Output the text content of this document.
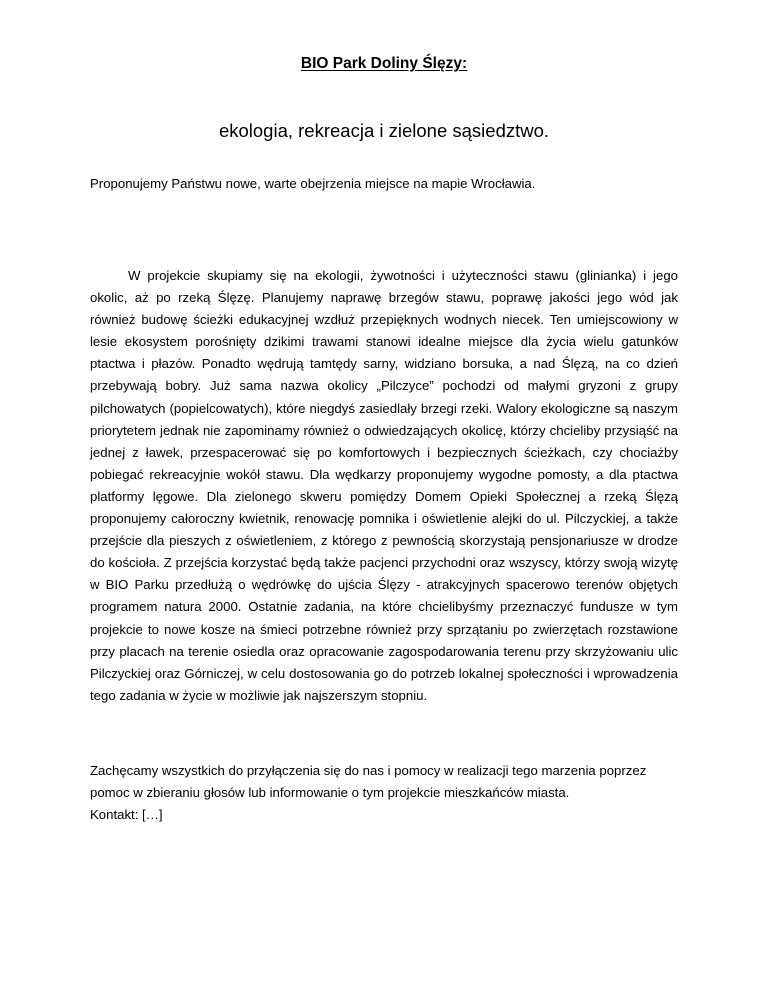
BIO Park Doliny Ślęzy:
ekologia, rekreacja i zielone sąsiedztwo.
Proponujemy Państwu nowe, warte obejrzenia miejsce na mapie Wrocławia.

W projekcie skupiamy się na ekologii, żywotności i użyteczności stawu (glinianka) i jego okolic, aż po rzeką Ślęzę. Planujemy naprawę brzegów stawu, poprawę jakości jego wód jak również budowę ścieżki edukacyjnej wzdłuż przepięknych wodnych niecek. Ten umiejscowiony w lesie ekosystem porośnięty dzikimi trawami stanowi idealne miejsce dla życia wielu gatunków ptactwa i płazów. Ponadto wędrują tamtędy sarny, widziano borsuka, a nad Ślęzą, na co dzień przebywają bobry. Już sama nazwa okolicy „Pilczyce” pochodzi od małymi gryzoni z grupy pilchowatych (popielcowatych), które niegdyś zasiedlały brzegi rzeki. Walory ekologiczne są naszym priorytetem jednak nie zapominamy również o odwiedzających okolicę, którzy chcieliby przysiąść na jednej z ławek, przespacerować się po komfortowych i bezpiecznych ścieżkach, czy chociażby pobiegać rekreacyjnie wokół stawu. Dla wędkarzy proponujemy wygodne pomosty, a dla ptactwa platformy lęgowe. Dla zielonego skweru pomiędzy Domem Opieki Społecznej a rzeką Ślęzą proponujemy całoroczny kwietnik, renowację pomnika i oświetlenie alejki do ul. Pilczyckiej, a także przejście dla pieszych z oświetleniem, z którego z pewnością skorzystają pensjonariusze w drodze do kościoła. Z przejścia korzystać będą także pacjenci przychodni oraz wszyscy, którzy swoją wizytę w BIO Parku przedłużą o wędrówkę do ujścia Ślęzy - atrakcyjnych spacerowo terenów objętych programem natura 2000. Ostatnie zadania, na które chcielibyśmy przeznaczyć fundusze w tym projekcie to nowe kosze na śmieci potrzebne również przy sprzątaniu po zwierzętach rozstawione przy placach na terenie osiedla oraz opracowanie zagospodarowania terenu przy skrzyżowaniu ulic Pilczyckiej oraz Górniczej, w celu dostosowania go do potrzeb lokalnej społeczności i wprowadzenia tego zadania w życie w możliwie jak najszerszym stopniu.

Zachęcamy wszystkich do przyłączenia się do nas i pomocy w realizacji tego marzenia poprzez pomoc w zbieraniu głosów lub informowanie o tym projekcie mieszkańców miasta.

Kontakt: […]
